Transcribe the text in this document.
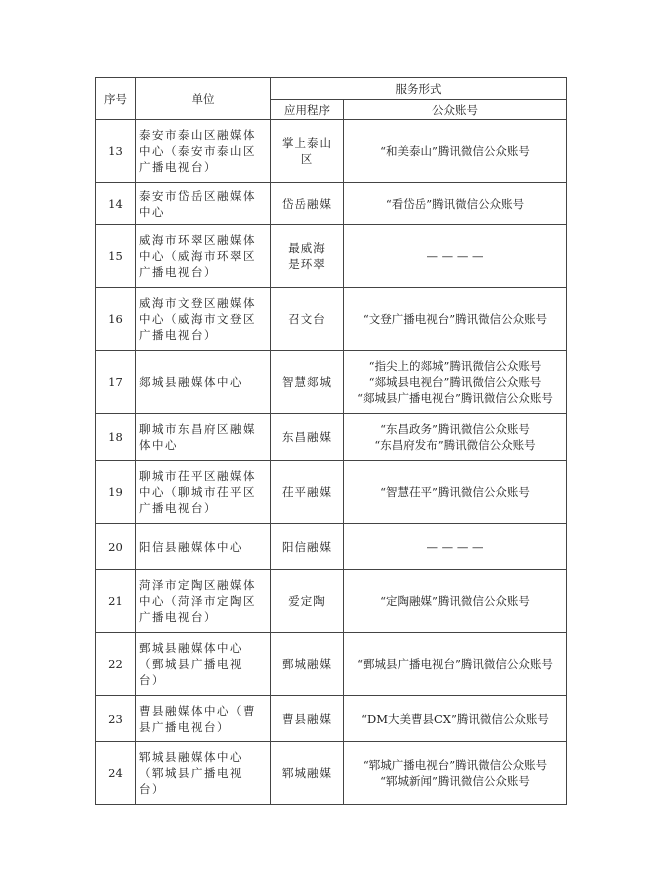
序号	单位	服务形式	
		应用程序	公众账号
13	泰安市泰山区融媒体
中心（泰安市泰山区
广播电视台）	掌上泰山
区	“和美泰山”腾讯微信公众账号

14	泰安市岱岳区融媒体
中心	岱岳融媒	“看岱岳”腾讯微信公众账号

15	威海市环翠区融媒体
中心（威海市环翠区
广播电视台）	最威海
是环翠	— — — —

16	威海市文登区融媒体
中心（威海市文登区
广播电视台）	召文台	“文登广播电视台”腾讯微信公众账号

17	郯城县融媒体中心	智慧郯城	“指尖上的郯城”腾讯微信公众账号
“郯城县电视台”腾讯微信公众账号
“郯城县广播电视台”腾讯微信公众账号

18	聊城市东昌府区融媒
体中心	东昌融媒	“东昌政务”腾讯微信公众账号
“东昌府发布”腾讯微信公众账号

19	聊城市茌平区融媒体
中心（聊城市茌平区
广播电视台）	茌平融媒	“智慧茌平”腾讯微信公众账号

20	阳信县融媒体中心	阳信融媒	— — — —

21	菏泽市定陶区融媒体
中心（菏泽市定陶区
广播电视台）	爱定陶	“定陶融媒”腾讯微信公众账号

22	鄄城县融媒体中心
（鄄城县广播电视
台）	鄄城融媒	“鄄城县广播电视台”腾讯微信公众账号

23	曹县融媒体中心（曹
县广播电视台）	曹县融媒	“DM大美曹县CX”腾讯微信公众账号

24	郓城县融媒体中心
（郓城县广播电视
台）	郓城融媒	“郓城广播电视台”腾讯微信公众账号
“郓城新闻”腾讯微信公众账号
